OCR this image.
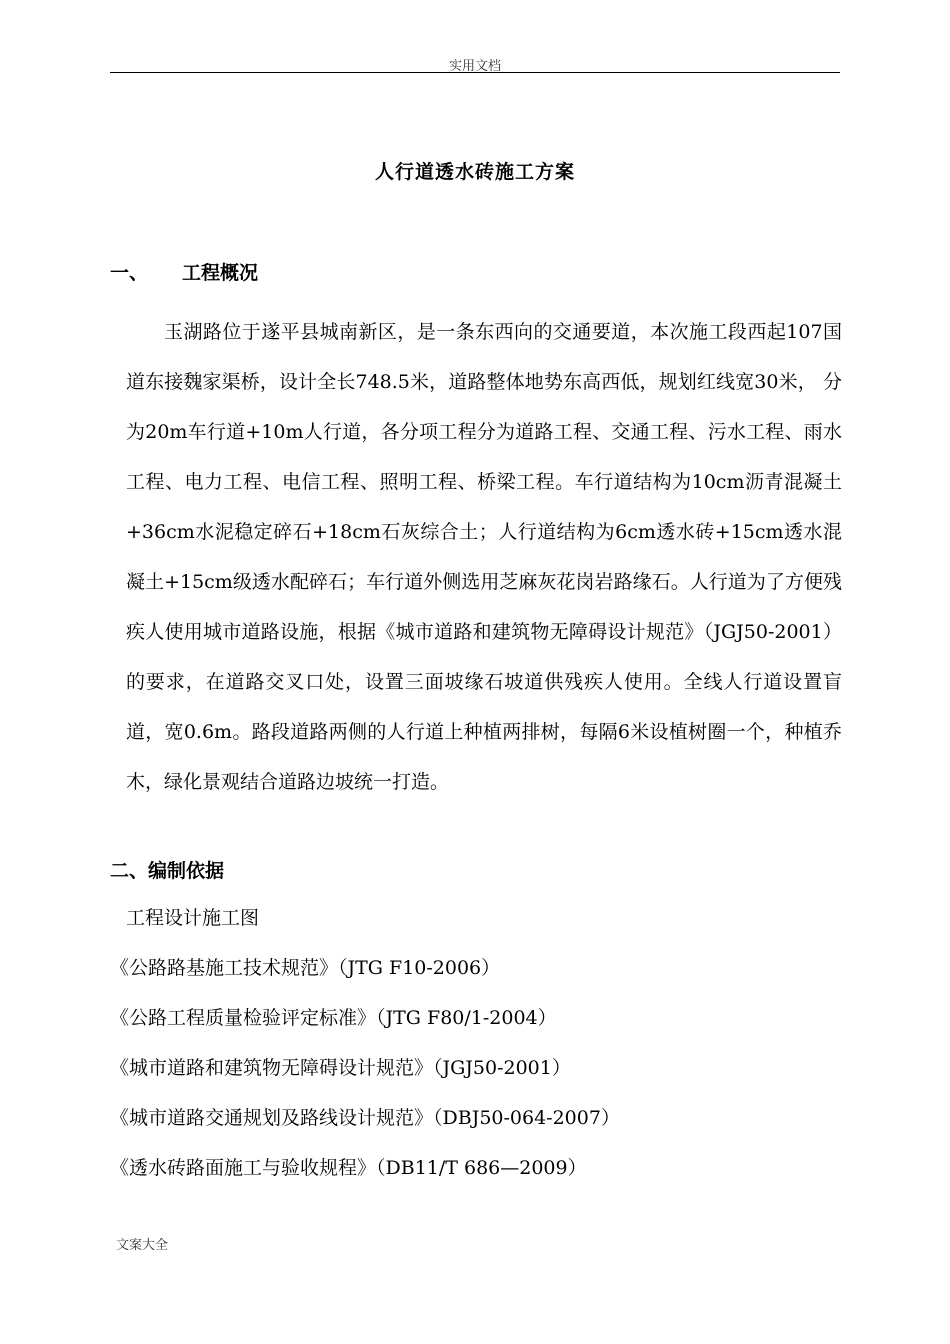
实用文档
人行道透水砖施工方案
一、 工程概况

玉湖路位于遂平县城南新区，是一条东西向的交通要道，本次施工段西起107国道东接魏家渠桥，设计全长748.5米，道路整体地势东高西低，规划红线宽30米， 分为20m车行道+10m人行道，各分项工程分为道路工程、交通工程、污水工程、雨水工程、电力工程、电信工程、照明工程、桥梁工程。车行道结构为10cm沥青混凝土+36cm水泥稳定碎石+18cm石灰综合土；人行道结构为6cm透水砖+15cm透水混凝土+15cm级透水配碎石；车行道外侧选用芝麻灰花岗岩路缘石。人行道为了方便残疾人使用城市道路设施，根据《城市道路和建筑物无障碍设计规范》（JGJ50-2001）的要求，在道路交叉口处，设置三面坡缘石坡道供残疾人使用。全线人行道设置盲道，宽0.6m。路段道路两侧的人行道上种植两排树，每隔6米设植树圈一个，种植乔木，绿化景观结合道路边坡统一打造。

二、编制依据
工程设计施工图
《公路路基施工技术规范》（JTG F10-2006）
《公路工程质量检验评定标准》（JTG F80/1-2004）
《城市道路和建筑物无障碍设计规范》（JGJ50-2001）
《城市道路交通规划及路线设计规范》（DBJ50-064-2007）
《透水砖路面施工与验收规程》（DB11/T 686—2009）
文案大全
